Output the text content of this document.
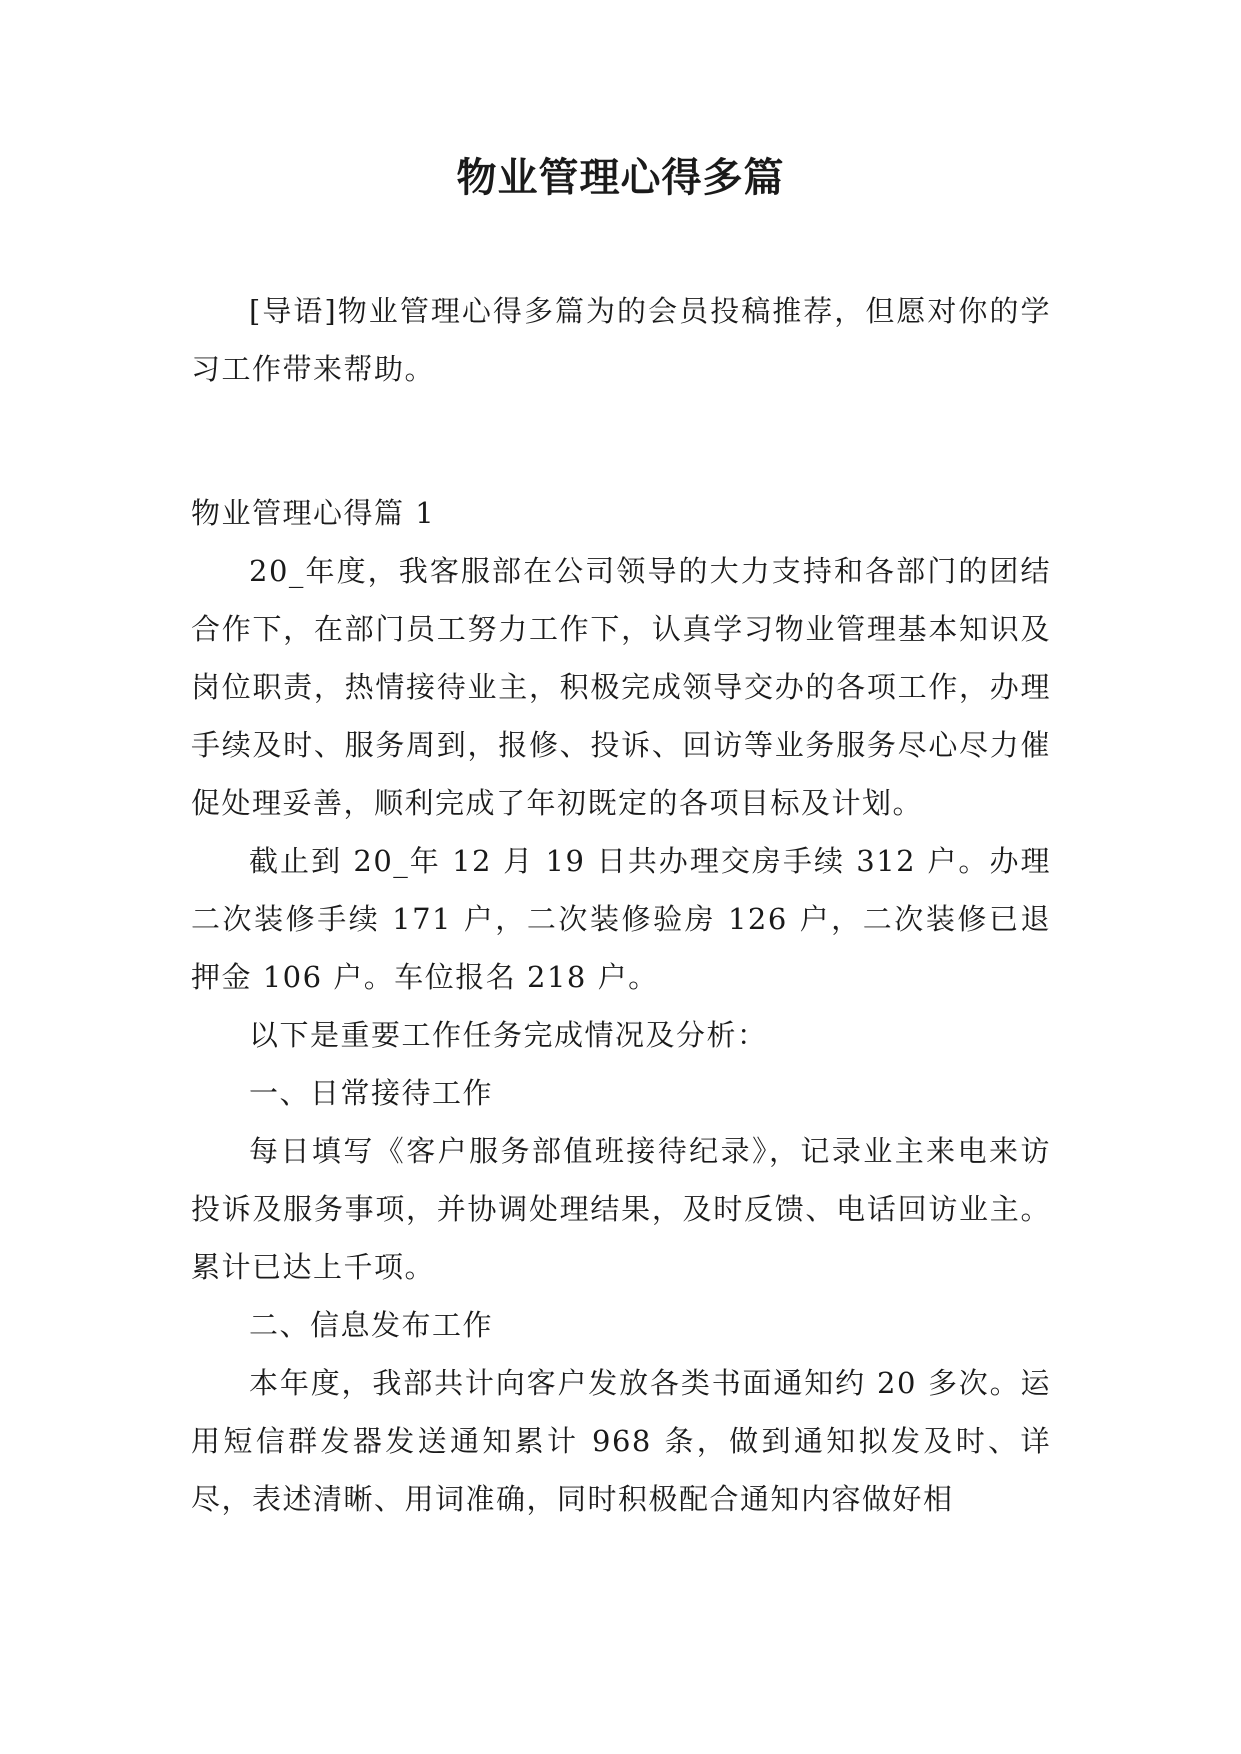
物业管理心得多篇

[导语]物业管理心得多篇为的会员投稿推荐，但愿对你的学习工作带来帮助。

物业管理心得篇 1

20_年度，我客服部在公司领导的大力支持和各部门的团结合作下，在部门员工努力工作下，认真学习物业管理基本知识及岗位职责，热情接待业主，积极完成领导交办的各项工作，办理手续及时、服务周到，报修、投诉、回访等业务服务尽心尽力催促处理妥善，顺利完成了年初既定的各项目标及计划。

截止到 20_年 12 月 19 日共办理交房手续 312 户。办理二次装修手续 171 户，二次装修验房 126 户，二次装修已退押金 106 户。车位报名 218 户。

以下是重要工作任务完成情况及分析：

一、日常接待工作

每日填写《客户服务部值班接待纪录》，记录业主来电来访投诉及服务事项，并协调处理结果，及时反馈、电话回访业主。累计已达上千项。

二、信息发布工作

本年度，我部共计向客户发放各类书面通知约 20 多次。运用短信群发器发送通知累计 968 条，做到通知拟发及时、详尽，表述清晰、用词准确，同时积极配合通知内容做好相
